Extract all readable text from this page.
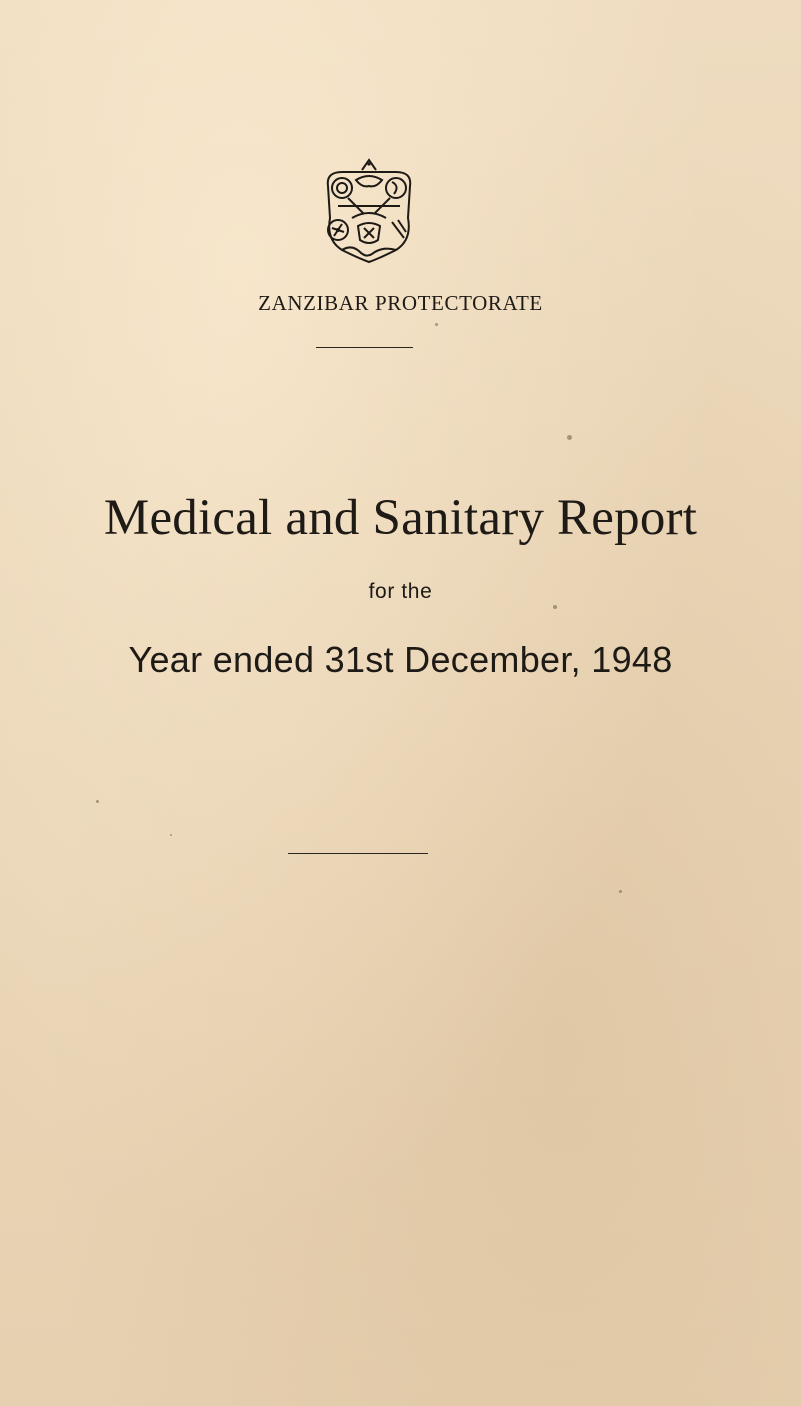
ZANZIBAR PROTECTORATE
Medical and Sanitary Report
for the
Year ended 31st December, 1948
